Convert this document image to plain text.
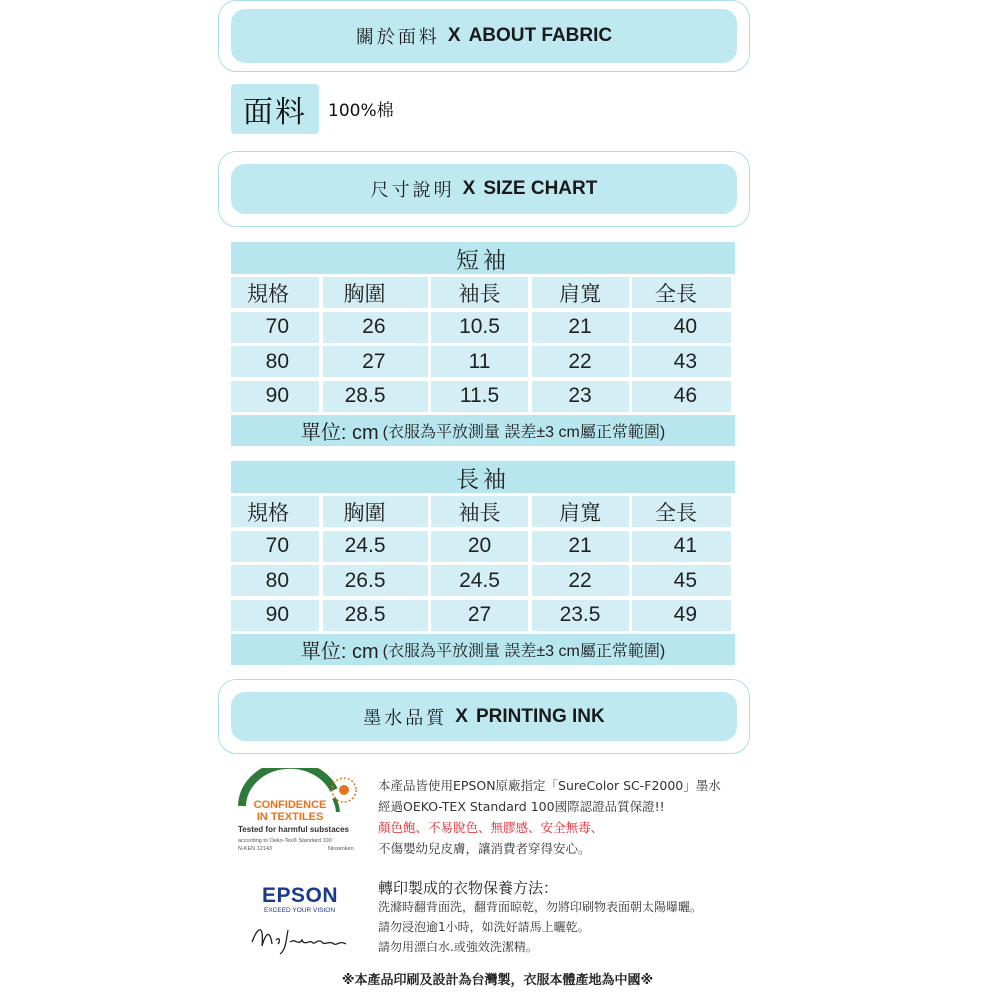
關於面料 X ABOUT FABRIC
面料	100%棉
尺寸說明 X SIZE CHART
短袖
規格	胸圍	袖長	肩寬	全長
70	26	10.5	21	40
80	27	11	22	43
90	28.5	11.5	23	46
單位: cm (衣服為平放測量 誤差±3 cm屬正常範圍)
長袖
規格	胸圍	袖長	肩寬	全長
70	24.5	20	21	41
80	26.5	24.5	22	45
90	28.5	27	23.5	49
單位: cm (衣服為平放測量 誤差±3 cm屬正常範圍)
墨水品質 X PRINTING INK
CONFIDENCE
IN TEXTILES
Tested for harmful substaces
according to Oeko-Tex® Standard 100
N-KEN 12143	Nissenken
本產品皆使用EPSON原廠指定「SureColor SC-F2000」墨水
經過OEKO-TEX Standard 100國際認證品質保證!!
顏色飽、不易脫色、無膠感、安全無毒、
不傷嬰幼兒皮膚，讓消費者穿得安心。
EPSON
EXCEED YOUR VISION
轉印製成的衣物保養方法：
洗滌時翻背面洗，翻背面晾乾，勿將印刷物表面朝太陽曝曬。
請勿浸泡逾1小時，如洗好請馬上曬乾。
請勿用漂白水.或強效洗潔精。
※本產品印刷及設計為台灣製，衣服本體產地為中國※
